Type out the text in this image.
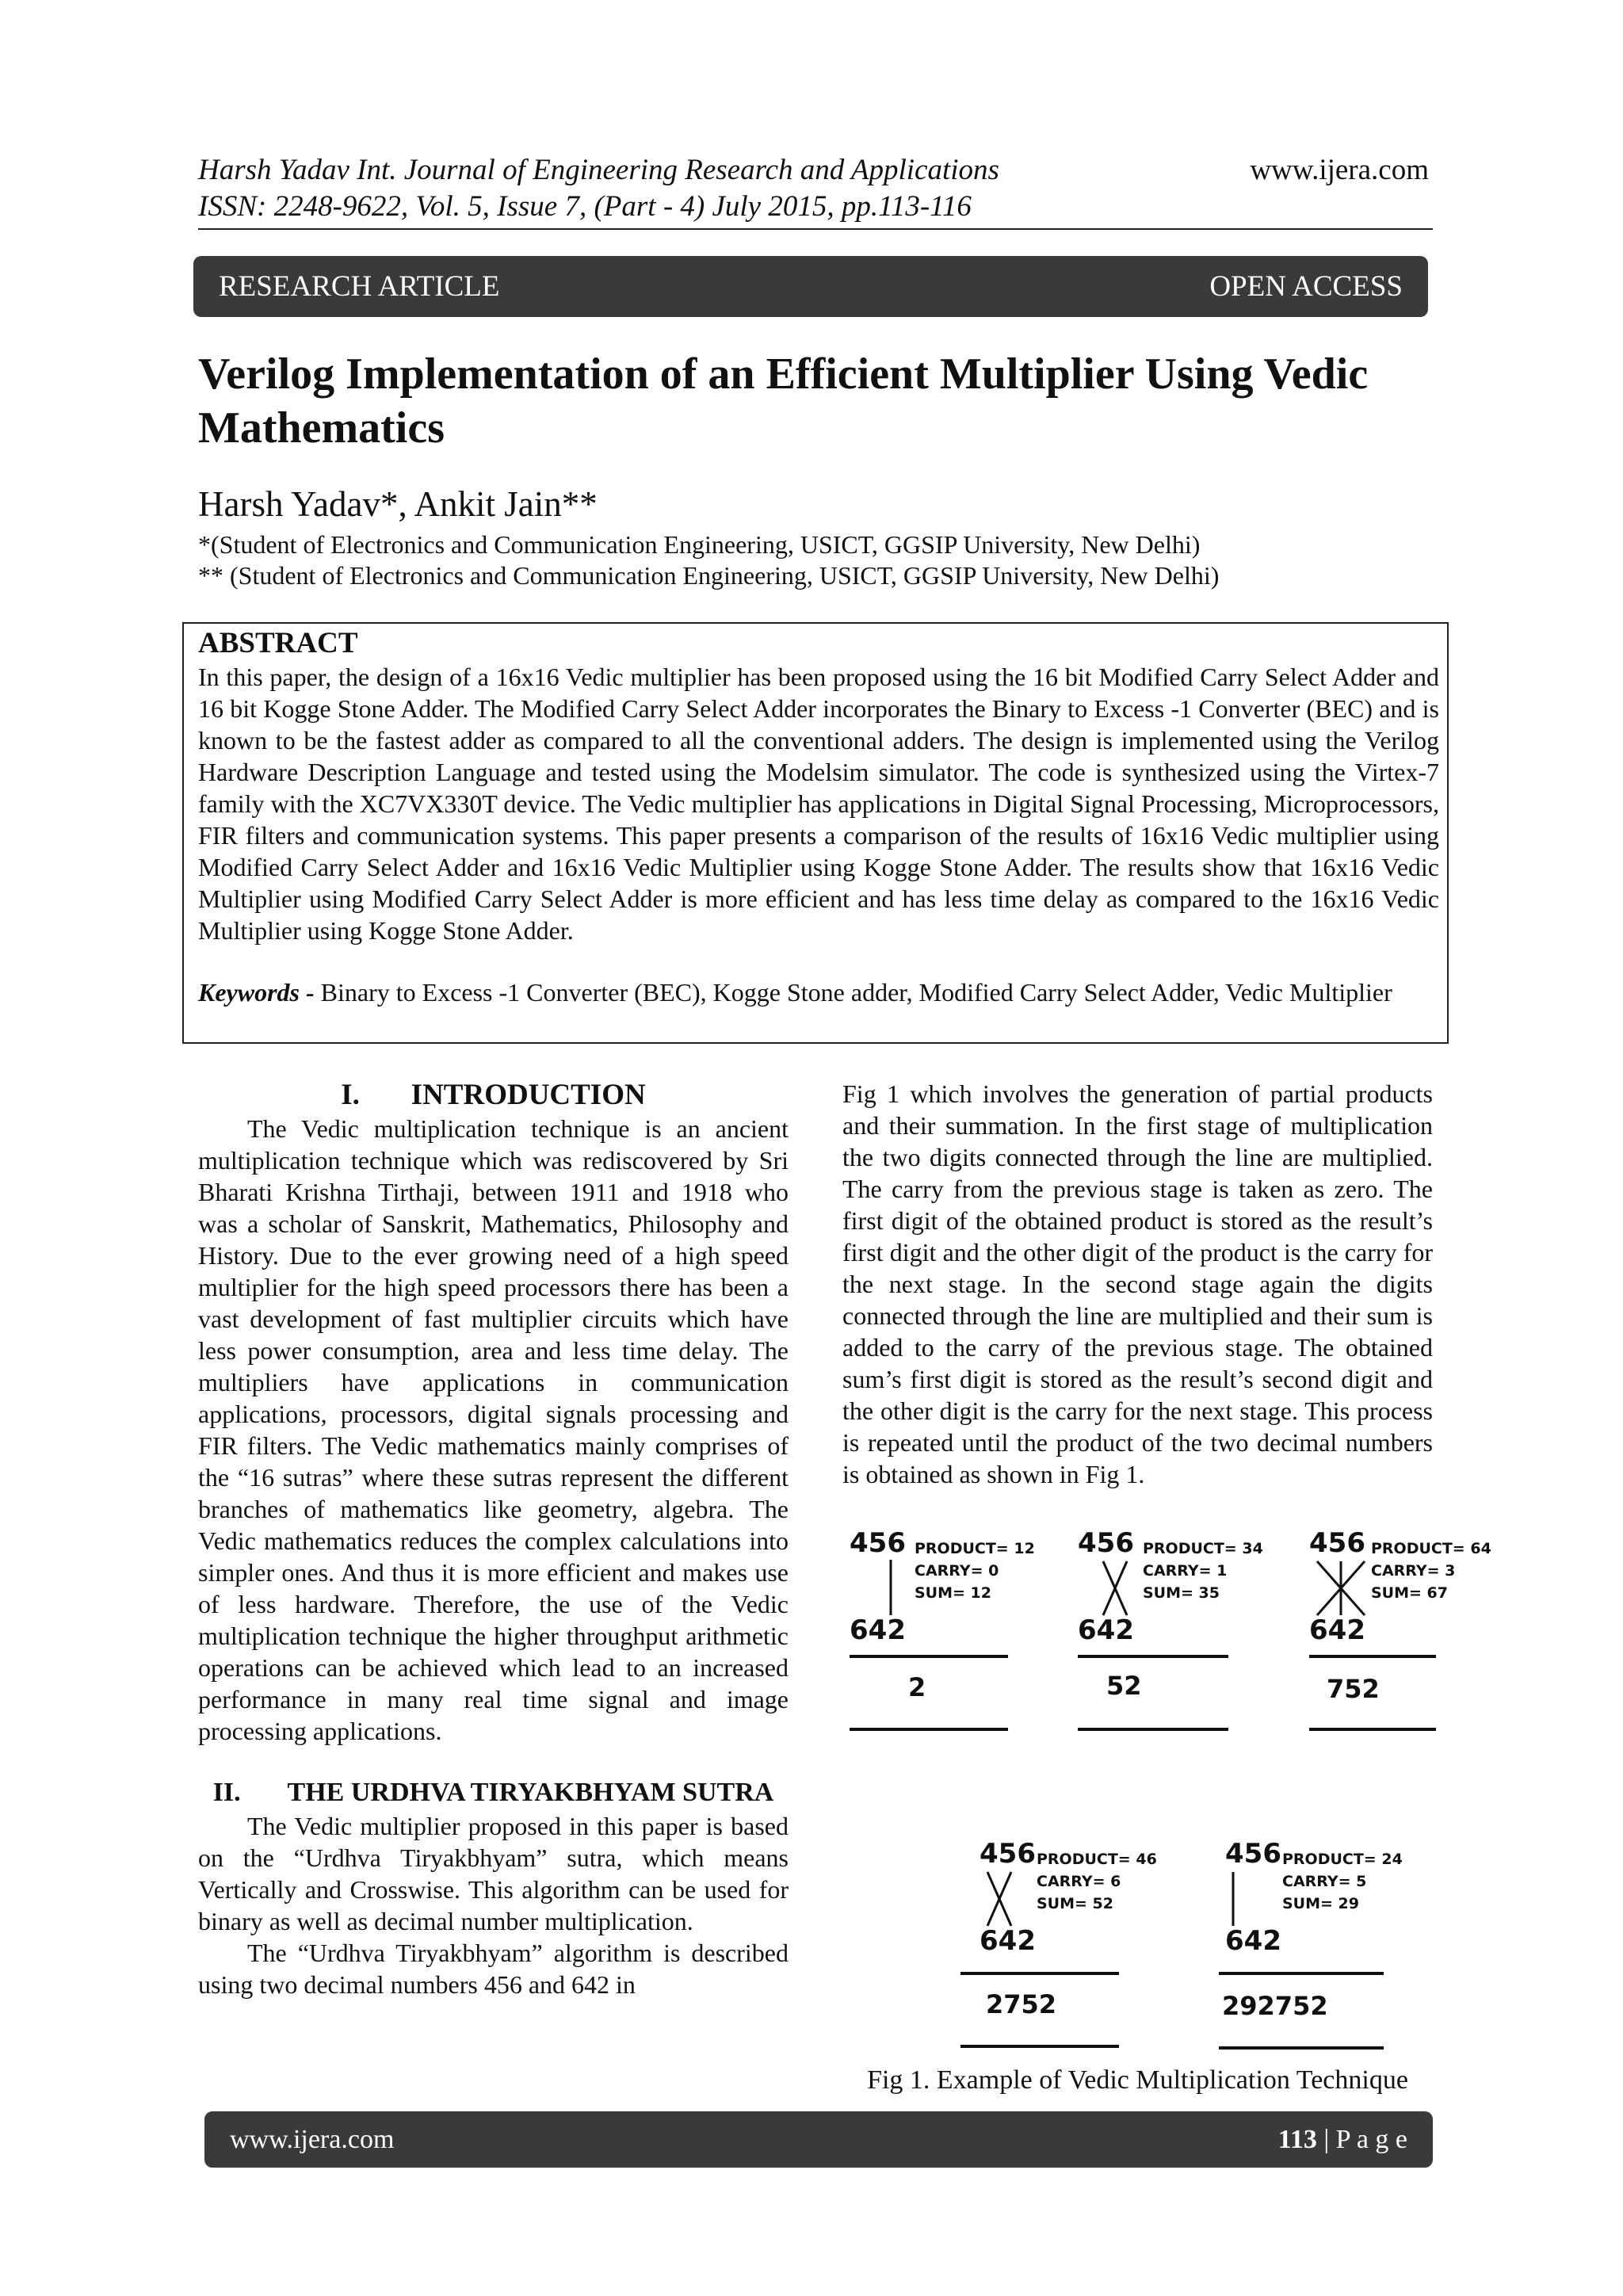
Harsh Yadav Int. Journal of Engineering Research and Applications
ISSN: 2248-9622, Vol. 5, Issue 7, (Part - 4) July 2015, pp.113-116
www.ijera.com
RESEARCH ARTICLE	OPEN ACCESS
Verilog Implementation of an Efficient Multiplier Using Vedic
Mathematics
Harsh Yadav*, Ankit Jain**
*(Student of Electronics and Communication Engineering, USICT, GGSIP University, New Delhi)
** (Student of Electronics and Communication Engineering, USICT, GGSIP University, New Delhi)
ABSTRACT
In this paper, the design of a 16x16 Vedic multiplier has been proposed using the 16 bit Modified Carry Select Adder and 16 bit Kogge Stone Adder. The Modified Carry Select Adder incorporates the Binary to Excess -1 Converter (BEC) and is known to be the fastest adder as compared to all the conventional adders. The design is implemented using the Verilog Hardware Description Language and tested using the Modelsim simulator. The code is synthesized using the Virtex-7 family with the XC7VX330T device. The Vedic multiplier has applications in Digital Signal Processing, Microprocessors, FIR filters and communication systems. This paper presents a comparison of the results of 16x16 Vedic multiplier using Modified Carry Select Adder and 16x16 Vedic Multiplier using Kogge Stone Adder. The results show that 16x16 Vedic Multiplier using Modified Carry Select Adder is more efficient and has less time delay as compared to the 16x16 Vedic Multiplier using Kogge Stone Adder.
Keywords - Binary to Excess -1 Converter (BEC), Kogge Stone adder, Modified Carry Select Adder, Vedic Multiplier
I. INTRODUCTION

The Vedic multiplication technique is an ancient multiplication technique which was rediscovered by Sri Bharati Krishna Tirthaji, between 1911 and 1918 who was a scholar of Sanskrit, Mathematics, Philosophy and History. Due to the ever growing need of a high speed multiplier for the high speed processors there has been a vast development of fast multiplier circuits which have less power consumption, area and less time delay. The multipliers have applications in communication applications, processors, digital signals processing and FIR filters. The Vedic mathematics mainly comprises of the “16 sutras” where these sutras represent the different branches of mathematics like geometry, algebra. The Vedic mathematics reduces the complex calculations into simpler ones. And thus it is more efficient and makes use of less hardware. Therefore, the use of the Vedic multiplication technique the higher throughput arithmetic operations can be achieved which lead to an increased performance in many real time signal and image processing applications.

II. THE URDHVA TIRYAKBHYAM SUTRA

The Vedic multiplier proposed in this paper is based on the “Urdhva Tiryakbhyam” sutra, which means Vertically and Crosswise. This algorithm can be used for binary as well as decimal number multiplication.

The “Urdhva Tiryakbhyam” algorithm is described using two decimal numbers 456 and 642 in

Fig 1 which involves the generation of partial products and their summation. In the first stage of multiplication the two digits connected through the line are multiplied. The carry from the previous stage is taken as zero. The first digit of the obtained product is stored as the result’s first digit and the other digit of the product is the carry for the next stage. In the second stage again the digits connected through the line are multiplied and their sum is added to the carry of the previous stage. The obtained sum’s first digit is stored as the result’s second digit and the other digit is the carry for the next stage. This process is repeated until the product of the two decimal numbers is obtained as shown in Fig 1.

456
642
PRODUCT= 12
CARRY= 0
SUM= 12
2
456
642
PRODUCT= 34
CARRY= 1
SUM= 35
52
456
642
PRODUCT= 64
CARRY= 3
SUM= 67
752
456
642
PRODUCT= 46
CARRY= 6
SUM= 52
2752
456
642
PRODUCT= 24
CARRY= 5
SUM= 29
292752
Fig 1. Example of Vedic Multiplication Technique
www.ijera.com	113 | P a g e
